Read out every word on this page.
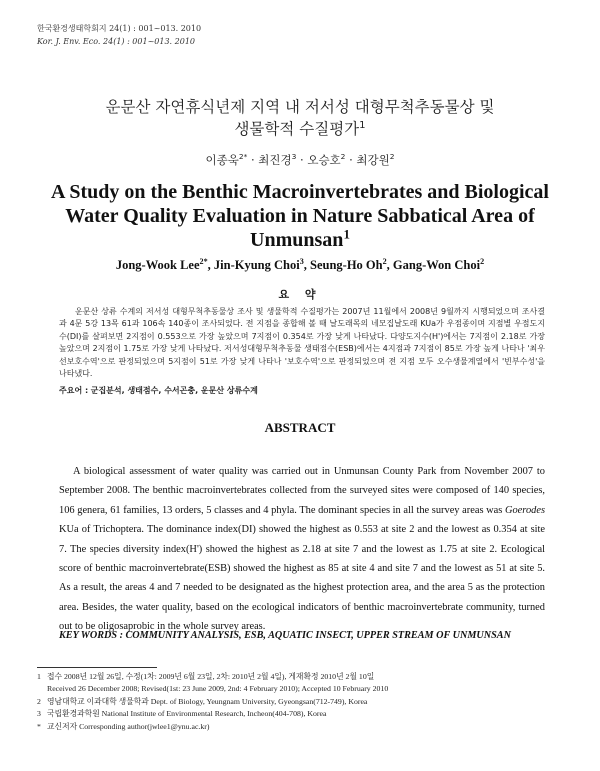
한국환경생태학회지 24(1) : 001~013. 2010
Kor. J. Env. Eco. 24(1) : 001~013. 2010
운문산 자연휴식년제 지역 내 저서성 대형무척추동물상 및
생물학적 수질평가$^1$
이종욱$^{2*}$ · 최진경$^3$ · 오승호$^2$ · 최강원$^2$
A Study on the Benthic Macroinvertebrates and Biological
Water Quality Evaluation in Nature Sabbatical Area of
Unmunsan$^1$
Jong-Wook Lee$^{2*}$, Jin-Kyung Choi$^3$, Seung-Ho Oh$^2$, Gang-Won Choi$^2$
요 약

운문산 상류 수계의 저서성 대형무척추동물상 조사 및 생물학적 수질평가는 2007년 11월에서 2008년 9월까지 시행되었으며 조사결과 4문 5강 13목 61과 106속 140종이 조사되었다. 전 지점을 종합해 볼 때 날도래목의 네모집날도래 KUa가 우점종이며 지점별 우점도지수(DI)를 살펴보면 2지점이 0.553으로 가장 높았으며 7지점이 0.354로 가장 낮게 나타났다. 다양도지수(H')에서는 7지점이 2.18로 가장 높았으며 2지점이 1.75로 가장 낮게 나타났다. 저서성대형무척추동물 생태점수(ESB)에서는 4지점과 7지점이 85로 가장 높게 나타나 '최우선보호수역'으로 판정되었으며 5지점이 51로 가장 낮게 나타나 '보호수역'으로 판정되었으며 전 지점 모두 오수생물계열에서 '빈부수성'을 나타냈다.

주요어 : 군집분석, 생태점수, 수서곤충, 운문산 상류수계
ABSTRACT

A biological assessment of water quality was carried out in Unmunsan County Park from November 2007 to September 2008. The benthic macroinvertebrates collected from the surveyed sites were composed of 140 species, 106 genera, 61 families, 13 orders, 5 classes and 4 phyla. The dominant species in all the survey areas was Goerodes KUa of Trichoptera. The dominance index(DI) showed the highest as 0.553 at site 2 and the lowest as 0.354 at site 7. The species diversity index(H') showed the highest as 2.18 at site 7 and the lowest as 1.75 at site 2. Ecological score of benthic macroinvertebrate(ESB) showed the highest as 85 at site 4 and site 7 and the lowest as 51 at site 5. As a result, the areas 4 and 7 needed to be designated as the highest protection area, and the area 5 as the protection area. Besides, the water quality, based on the ecological indicators of benthic macroinvertebrate community, turned out to be oligosaprobic in the whole survey areas.

KEY WORDS : COMMUNITY ANALYSIS, ESB, AQUATIC INSECT, UPPER STREAM OF UNMUNSAN
1 접수 2008년 12월 26일, 수정(1차: 2009년 6월 23일, 2차: 2010년 2월 4일), 게재확정 2010년 2월 10일
Received 26 December 2008; Revised(1st: 23 June 2009, 2nd: 4 February 2010); Accepted 10 February 2010
2 영남대학교 이과대학 생물학과 Dept. of Biology, Yeungnam University, Gyeongsan(712-749), Korea
3 국립환경과학원 National Institute of Environmental Research, Incheon(404-708), Korea
* 교신저자 Corresponding author(jwlee1@ynu.ac.kr)
